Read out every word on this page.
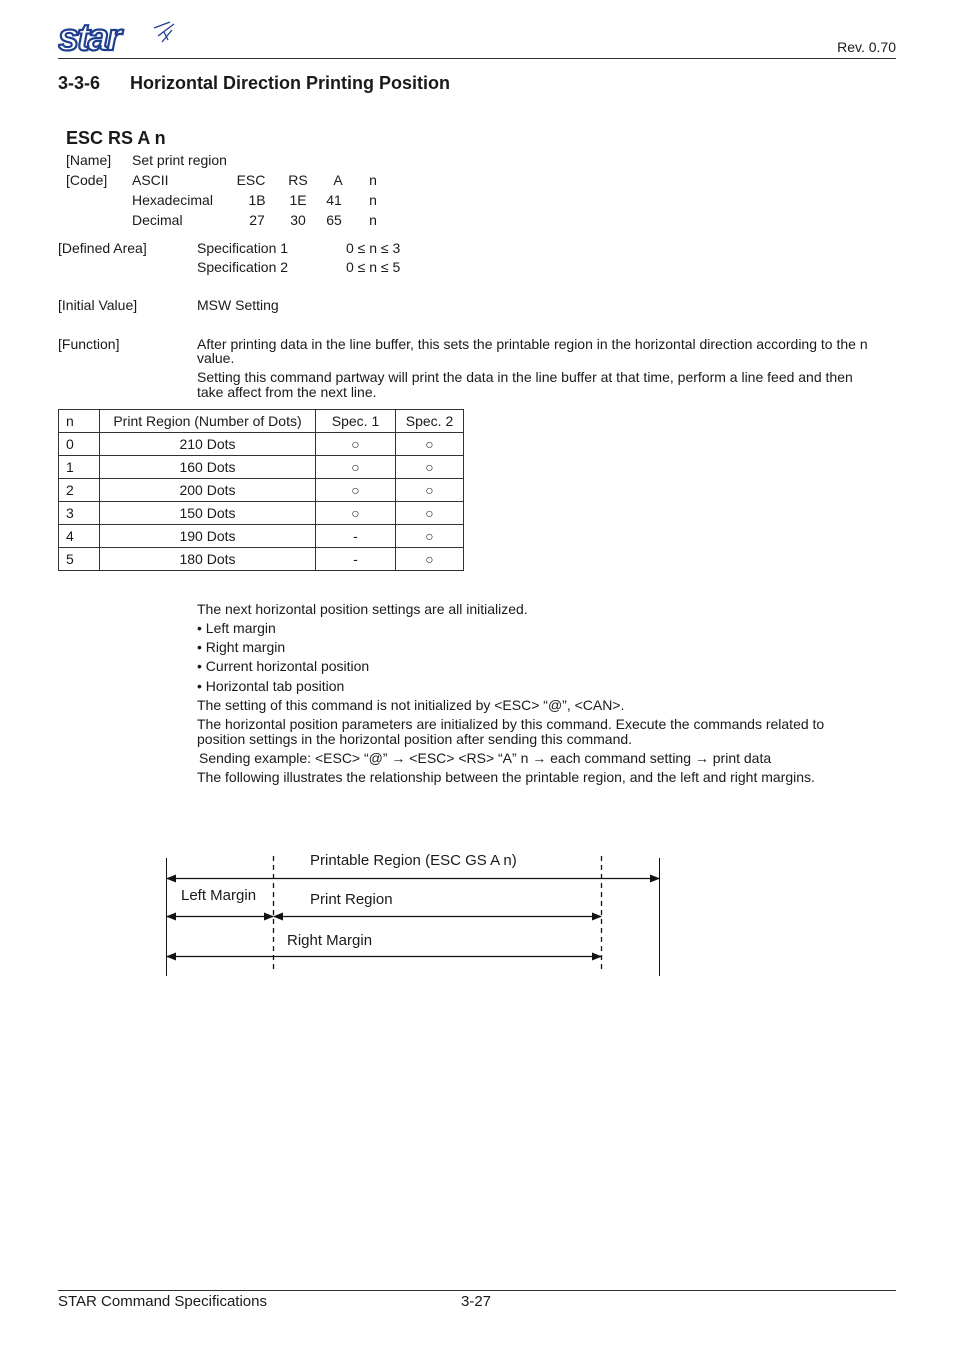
star	Rev. 0.70
3-3-6 Horizontal Direction Printing Position
ESC RS A n
[Name] Set print region
[Code] ASCII	ESC	RS	A	n
Hexadecimal	1B	1E	41	n
Decimal	27	30	65	n
[Defined Area]	Specification 1	0 ≤ n ≤ 3
Specification 2	0 ≤ n ≤ 5
[Initial Value]	MSW Setting
[Function]	After printing data in the line buffer, this sets the printable region in the horizontal direction according to the n
value.
Setting this command partway will print the data in the line buffer at that time, perform a line feed and then
take affect from the next line.
n	Print Region (Number of Dots)	Spec. 1	Spec. 2
0	210 Dots	○	○
1	160 Dots	○	○
2	200 Dots	○	○
3	150 Dots	○	○
4	190 Dots	-	○
5	180 Dots	-	○
The next horizontal position settings are all initialized.
• Left margin
• Right margin
• Current horizontal position
• Horizontal tab position
The setting of this command is not initialized by <ESC> “@”, <CAN>.
The horizontal position parameters are initialized by this command. Execute the commands related to
position settings in the horizontal position after sending this command.
Sending example: <ESC> “@” → <ESC> <RS> “A” n → each command setting → print data
The following illustrates the relationship between the printable region, and the left and right margins.
Printable Region (ESC GS A n)
Left Margin	Print Region
Right Margin
STAR Command Specifications	3-27
